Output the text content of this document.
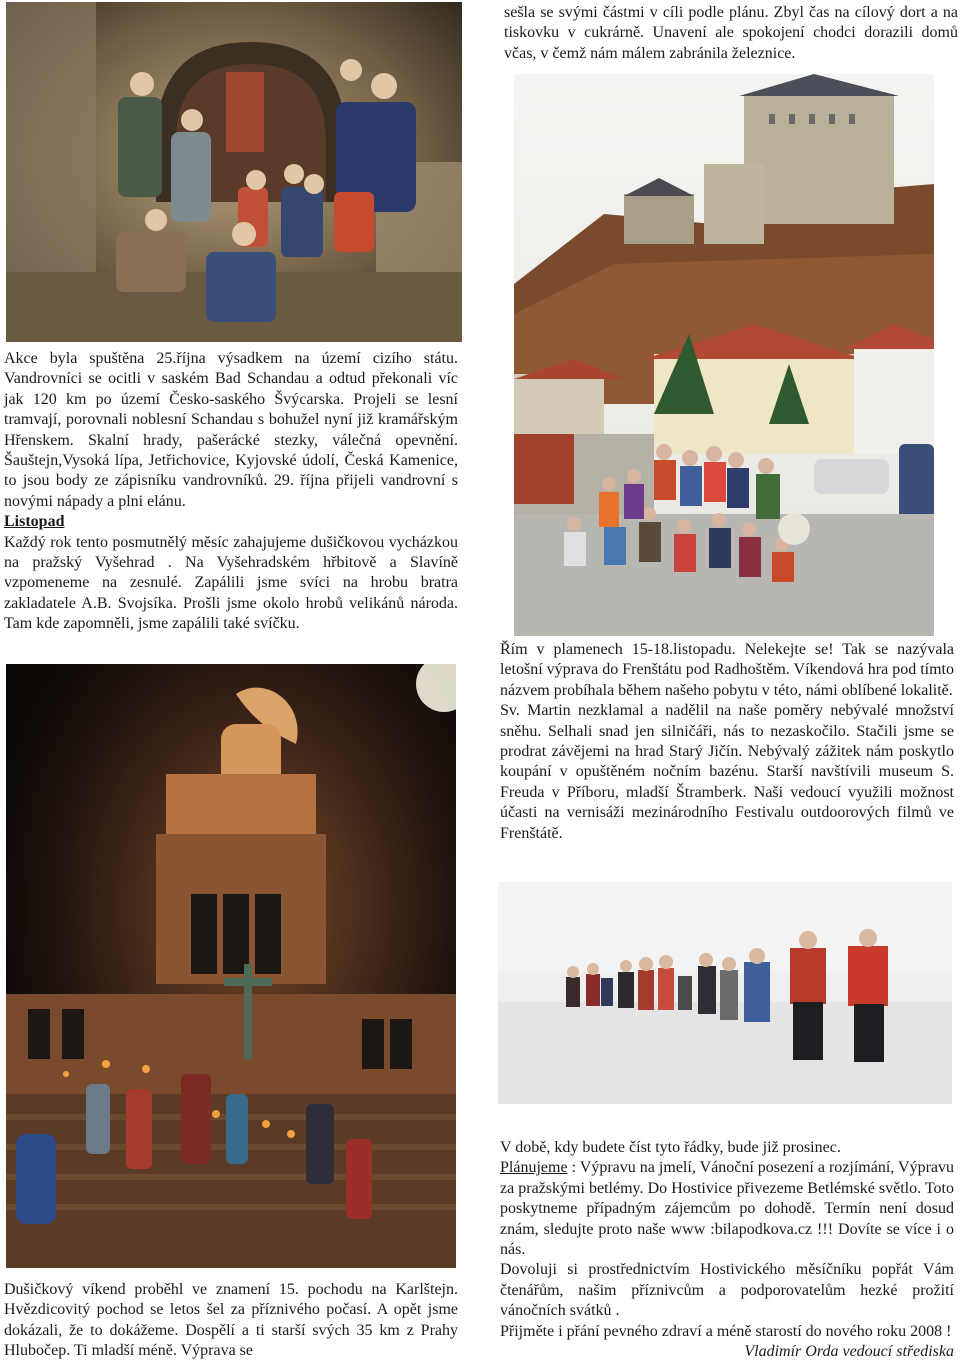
sešla se svými částmi v cíli podle plánu. Zbyl čas na cílový dort a na tiskovku v cukrárně. Unavení ale spokojení chodci dorazili domů včas, v čemž nám málem zabránila železnice.

Akce byla spuštěna 25.října výsadkem na území cizího státu. Vandrovníci se ocitli v saském Bad Schandau a odtud překonali víc jak 120 km po území Česko-saského Švýcarska. Projeli se lesní tramvají, porovnali noblesní Schandau s bohužel nyní již kramářským Hřenskem. Skalní hrady, pašerácké stezky, válečná opevnění. Šauštejn,Vysoká lípa, Jetřichovice, Kyjovské údolí, Česká Kamenice, to jsou body ze zápisníku vandrovníků. 29. října přijeli vandrovní s novými nápady a plni elánu.

Listopad

Každý rok tento posmutnělý měsíc zahajujeme dušičkovou vycházkou na pražský Vyšehrad . Na Vyšehradském hřbitově a Slavíně vzpomeneme na zesnulé. Zapálili jsme svíci na hrobu bratra zakladatele A.B. Svojsíka. Prošli jsme okolo hrobů velikánů národa. Tam kde zapomněli, jsme zapálili také svíčku.

Řím v plamenech 15-18.listopadu. Nelekejte se! Tak se nazývala letošní výprava do Frenštátu pod Radhoštěm. Víkendová hra pod tímto názvem probíhala během našeho pobytu v této, námi oblíbené lokalitě.

Sv. Martin nezklamal a nadělil na naše poměry nebývalé množství sněhu. Selhali snad jen silničáři, nás to nezaskočilo. Stačili jsme se prodrat závějemi na hrad Starý Jičín. Nebývalý zážitek nám poskytlo koupání v opuštěném nočním bazénu. Starší navštívili museum S. Freuda v Příboru, mladší Štramberk. Naši vedoucí využili možnost účasti na vernisáži mezinárodního Festivalu outdoorových filmů ve Frenštátě.

Dušičkový víkend proběhl ve znamení 15. pochodu na Karlštejn. Hvězdicovitý pochod se letos šel za příznivého počasí. A opět jsme dokázali, že to dokážeme. Dospělí a ti starší svých 35 km z Prahy Hlubočep. Ti mladší méně. Výprava se

V době, kdy budete číst tyto řádky, bude již prosinec.

Plánujeme : Výpravu na jmelí, Vánoční posezení a rozjímání, Výpravu za pražskými betlémy. Do Hostivice přivezeme Betlémské světlo. Toto poskytneme případným zájemcům po dohodě. Termín není dosud znám, sledujte proto naše www :bilapodkova.cz !!! Dovíte se více i o nás.

Dovoluji si prostřednictvím Hostivického měsíčníku popřát Vám čtenářům, našim příznivcům a podporovatelům hezké prožití vánočních svátků .

Přijměte i přání pevného zdraví a méně starostí do nového roku 2008 !
Vladimír Orda vedoucí střediska
